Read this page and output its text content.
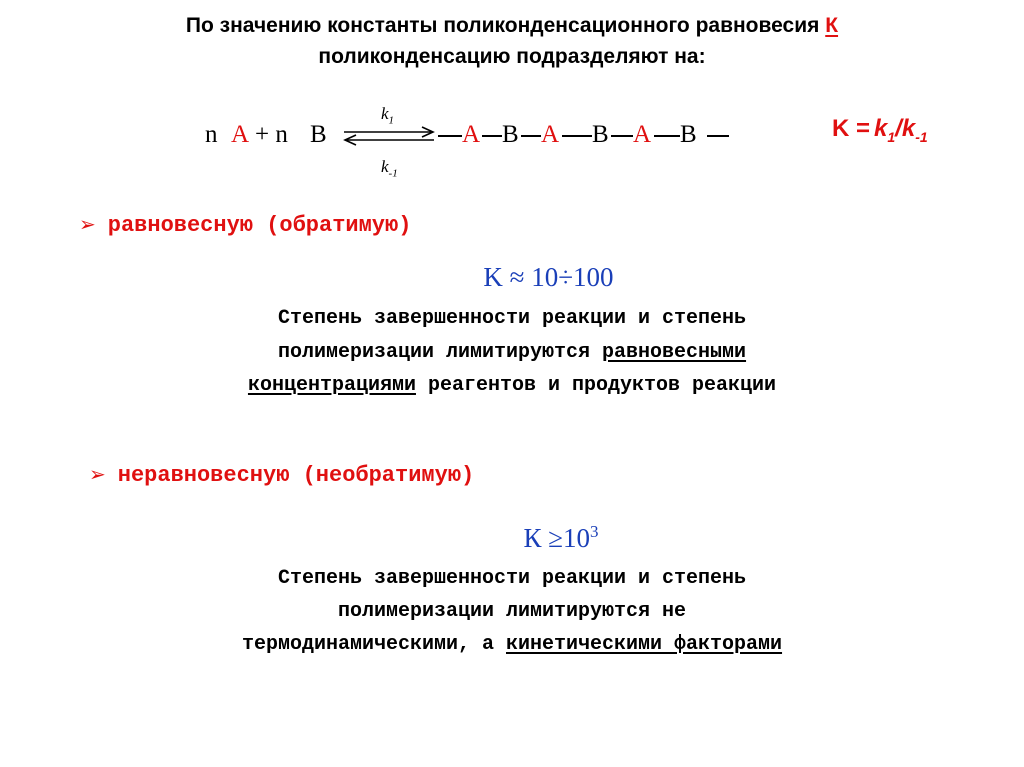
По значению константы поликонденсационного равновесия К
поликонденсацию подразделяют на:
n A + n B
$k_1$
$k_{-1}$
A B A B A B	$K = k_1/k_{-1}$
➢ равновесную (обратимую)
K ≈ 10÷100
Степень завершенности реакции и степень
полимеризации лимитируются равновесными
концентрациями реагентов и продуктов реакции
➢ неравновесную (необратимую)
$К \ge 10^3$
Степень завершенности реакции и степень
полимеризации лимитируются не
термодинамическими, а кинетическими факторами
